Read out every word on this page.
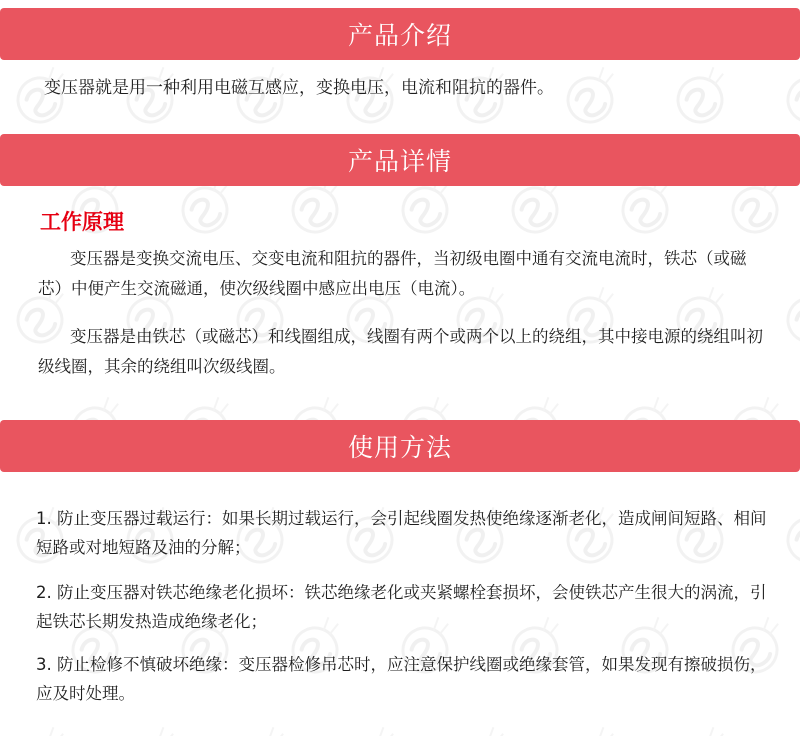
产品介绍
变压器就是用一种利用电磁互感应，变换电压，电流和阻抗的器件。
产品详情
工作原理
变压器是变换交流电压、交变电流和阻抗的器件，当初级电圈中通有交流电流时，铁芯（或磁芯）中便产生交流磁通，使次级线圈中感应出电压（电流）。
变压器是由铁芯（或磁芯）和线圈组成，线圈有两个或两个以上的绕组，其中接电源的绕组叫初级线圈，其余的绕组叫次级线圈。
使用方法
1. 防止变压器过载运行：如果长期过载运行，会引起线圈发热使绝缘逐渐老化，造成闸间短路、相间短路或对地短路及油的分解；
2. 防止变压器对铁芯绝缘老化损坏：铁芯绝缘老化或夹紧螺栓套损坏，会使铁芯产生很大的涡流，引起铁芯长期发热造成绝缘老化；
3. 防止检修不慎破坏绝缘：变压器检修吊芯时，应注意保护线圈或绝缘套管，如果发现有擦破损伤，应及时处理。
